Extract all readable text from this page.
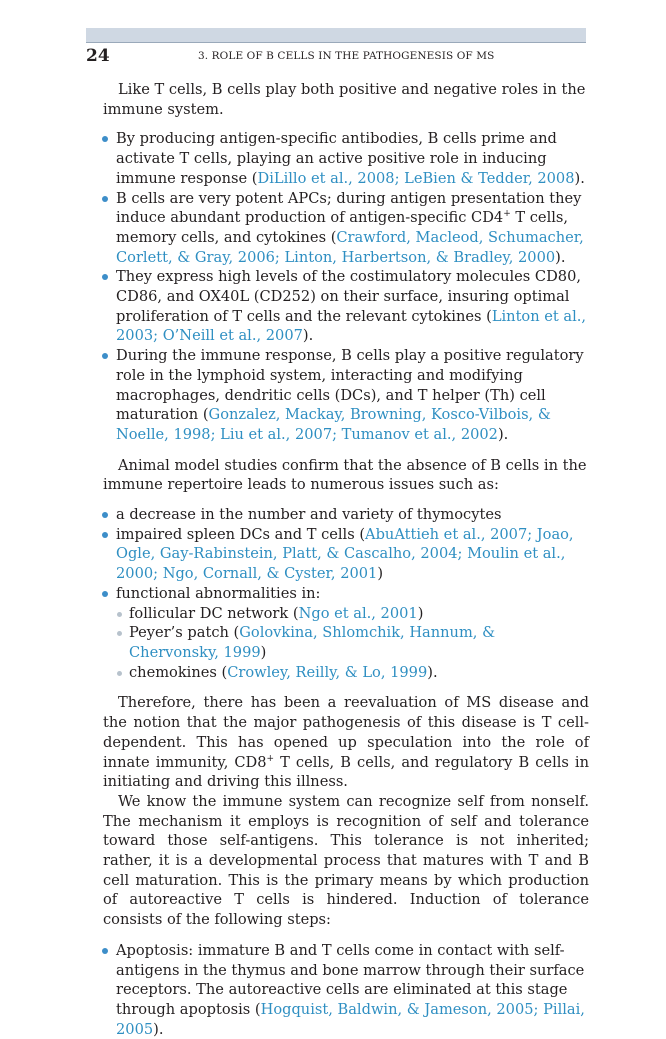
24	3. ROLE OF B CELLS IN THE PATHOGENESIS OF MS

Like T cells, B cells play both positive and negative roles in the immune system.

By producing antigen-specific antibodies, B cells prime and activate T cells, playing an active positive role in inducing immune response (DiLillo et al., 2008; LeBien & Tedder, 2008).
B cells are very potent APCs; during antigen presentation they induce abundant production of antigen-specific CD4+ T cells, memory cells, and cytokines (Crawford, Macleod, Schumacher, Corlett, & Gray, 2006; Linton, Harbertson, & Bradley, 2000).
They express high levels of the costimulatory molecules CD80, CD86, and OX40L (CD252) on their surface, insuring optimal proliferation of T cells and the relevant cytokines (Linton et al., 2003; O’Neill et al., 2007).
During the immune response, B cells play a positive regulatory role in the lymphoid system, interacting and modifying macrophages, dendritic cells (DCs), and T helper (Th) cell maturation (Gonzalez, Mackay, Browning, Kosco-Vilbois, & Noelle, 1998; Liu et al., 2007; Tumanov et al., 2002).

Animal model studies confirm that the absence of B cells in the immune repertoire leads to numerous issues such as:

a decrease in the number and variety of thymocytes
impaired spleen DCs and T cells (AbuAttieh et al., 2007; Joao, Ogle, Gay-Rabinstein, Platt, & Cascalho, 2004; Moulin et al., 2000; Ngo, Cornall, & Cyster, 2001)
functional abnormalities in:
follicular DC network (Ngo et al., 2001)
Peyer’s patch (Golovkina, Shlomchik, Hannum, & Chervonsky, 1999)
chemokines (Crowley, Reilly, & Lo, 1999).

Therefore, there has been a reevaluation of MS disease and the notion that the major pathogenesis of this disease is T cell-dependent. This has opened up speculation into the role of innate immunity, CD8+ T cells, B cells, and regulatory B cells in initiating and driving this illness.

We know the immune system can recognize self from nonself. The mechanism it employs is recognition of self and tolerance toward those self-antigens. This tolerance is not inherited; rather, it is a developmental process that matures with T and B cell maturation. This is the primary means by which production of autoreactive T cells is hindered. Induction of tolerance consists of the following steps:

Apoptosis: immature B and T cells come in contact with self-antigens in the thymus and bone marrow through their surface receptors. The autoreactive cells are eliminated at this stage through apoptosis (Hogquist, Baldwin, & Jameson, 2005; Pillai, 2005).
